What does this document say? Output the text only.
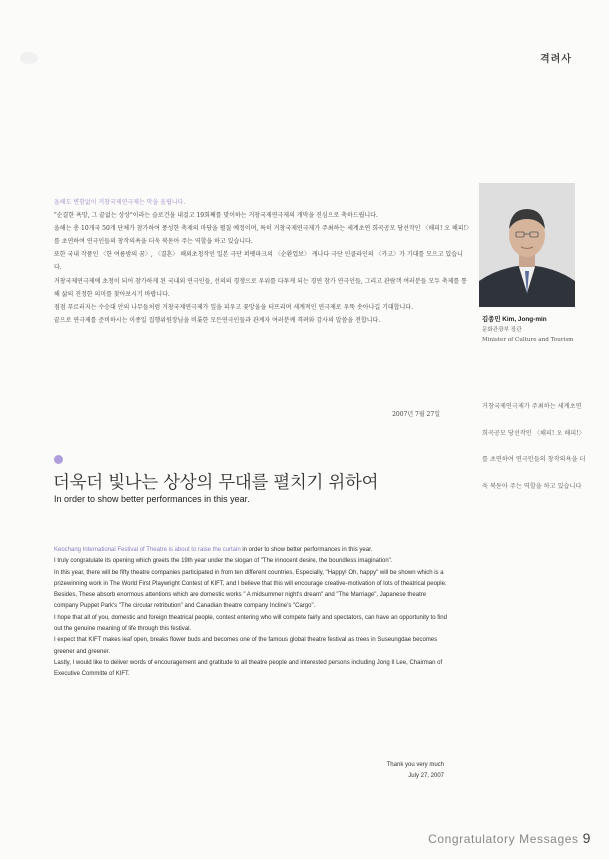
격려사
김종민 Kim, Jong-min
문화관광부 장관
Minister of Culture and Tourism
거창국제연극제가 주최하는 세계초연 희곡공모 당선작인 〈해피! 오 해피!〉를 초연하여 연극인들의 창작의욕을 더욱 북돋아 주는 역할을 하고 있습니다

올해도 변함없이 거창국제연극제는 막을 올립니다.

"순결한 욕망, 그 끝없는 상상"이라는 슬로건을 내걸고 19회째를 맞이하는 거창국제연극제의 개막을 진심으로 축하드립니다.

올해는 총 10개국 50개 단체가 참가하여 풍성한 축제의 마당을 펼칠 예정이며, 특히 거창국제연극제가 주최하는 세계초연 희곡공모 당선작인 〈해피! 오 해피!〉를 초연하여 연극인들의 창작의욕을 더욱 북돋아 주는 역할을 하고 있습니다.

또한 국내 작품인 〈한 여름밤의 꿈〉, 〈결혼〉 해외초청작인 일본 극단 퍼펫파크의 〈순환업보〉 캐나다 극단 인클라인의 〈카고〉가 기대를 모으고 있습니다.

거창국제연극제에 초청이 되어 참가하게 된 국내외 연극인들, 선의의 경쟁으로 우위를 다투게 되는 경연 참가 연극인들, 그리고 관람객 여러분들 모두 축제를 통해 삶의 진정한 의미를 찾아보시기 바랍니다.

점점 푸르러지는 수승대 안의 나무들처럼 거창국제연극제가 잎을 피우고 꽃망울을 터뜨리며 세계적인 연극제로 우뚝 솟아나길 기대합니다.

끝으로 연극제를 준비하시는 이종일 집행위원장님을 비롯한 모든연극인들과 관계자 여러분께 격려와 감사의 말씀을 전합니다.

2007년 7월 27일
더욱더 빛나는 상상의 무대를 펼치기 위하여
In order to show better performances in this year.

Keochang International Festival of Theatre is about to raise the curtain in order to show better performances in this year.

I truly congratulate its opening which greets the 19th year under the slogan of "The innocent desire, the boundless imagination".

In this year, there will be fifty theatre companies participated in from ten different countries. Especially, "Happy! Oh, happy" will be shown which is a prizewinning work in The World First Playwright Contest of KIFT, and I believe that this will encourage creative-motivation of lots of theatrical people.

Besides, These absorb enormous attentions which are domestic works " A midsummer night's dream" and "The Marriage", Japanese theatre company Puppet Park's "The circular retribution" and Canadian theatre company Incline's "Cargo".

I hope that all of you, domestic and foreign theatrical people, contest entering who will compete fairly and spectators, can have an opportunity to find out the genuine meaning of life through this festival.

I expect that KIFT makes leaf open, breaks flower buds and becomes one of the famous global theatre festival as trees in Suseungdae becomes greener and greener.

Lastly, I would like to deliver words of encouragement and gratitude to all theatre people and interested persons including Jong Il Lee, Chairman of Executive Committe of KIFT.

Thank you very much
July 27, 2007
Congratulatory Messages 9
